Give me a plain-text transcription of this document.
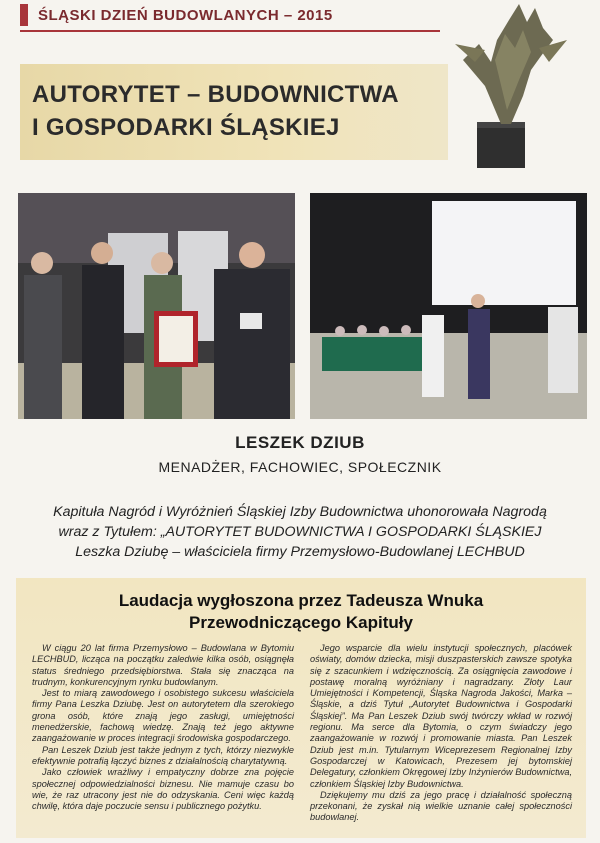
ŚLĄSKI DZIEŃ BUDOWLANYCH – 2015
AUTORYTET – BUDOWNICTWA
I GOSPODARKI ŚLĄSKIEJ
LESZEK DZIUB
MENADŻER, FACHOWIEC, SPOŁECZNIK
Kapituła Nagród i Wyróżnień Śląskiej Izby Budownictwa uhonorowała Nagrodą
wraz z Tytułem: „AUTORYTET BUDOWNICTWA I GOSPODARKI ŚLĄSKIEJ
Leszka Dziubę – właściciela firmy Przemysłowo-Budowlanej LECHBUD
Laudacja wygłoszona przez Tadeusza Wnuka
Przewodniczącego Kapituły

W ciągu 20 lat firma Przemysłowo – Budowlana w Bytomiu LECHBUD, licząca na początku zaledwie kilka osób, osiągnęła status średniego przedsiębiorstwa. Stała się znacząca na trudnym, konkurencyjnym rynku budowlanym.

Jest to miarą zawodowego i osobistego sukcesu właściciela firmy Pana Leszka Dziubę. Jest on autorytetem dla szerokiego grona osób, które znają jego zasługi, umiejętności menedżerskie, fachową wiedzę. Znają też jego aktywne zaangażowanie w proces integracji środowiska gospodarczego.

Pan Leszek Dziub jest także jednym z tych, którzy niezwykle efektywnie potrafią łączyć biznes z działalnością charytatywną.

Jako człowiek wrażliwy i empatyczny dobrze zna pojęcie społecznej odpowiedzialności biznesu. Nie mamuje czasu bo wie, że raz utracony jest nie do odzyskania. Ceni więc każdą chwilę, która daje poczucie sensu i publicznego pożytku.

Jego wsparcie dla wielu instytucji społecznych, placówek oświaty, domów dziecka, misji duszpasterskich zawsze spotyka się z szacunkiem i wdzięcznością. Za osiągnięcia zawodowe i postawę moralną wyróżniany i nagradzany. Złoty Laur Umiejętności i Kompetencji, Śląska Nagroda Jakości, Marka – Śląskie, a dziś Tytuł „Autorytet Budownictwa i Gospodarki Śląskiej”. Ma Pan Leszek Dziub swój twórczy wkład w rozwój regionu. Ma serce dla Bytomia, o czym świadczy jego zaangażowanie w rozwój i promowanie miasta. Pan Leszek Dziub jest m.in. Tytularnym Wiceprezesem Regionalnej Izby Gospodarczej w Katowicach, Prezesem jej bytomskiej Delegatury, członkiem Okręgowej Izby Inżynierów Budownictwa, członkiem Śląskiej Izby Budownictwa.

Dziękujemy mu dziś za jego pracę i działalność społeczną przekonani, że zyskał nią wielkie uznanie całej społeczności budowlanej.
